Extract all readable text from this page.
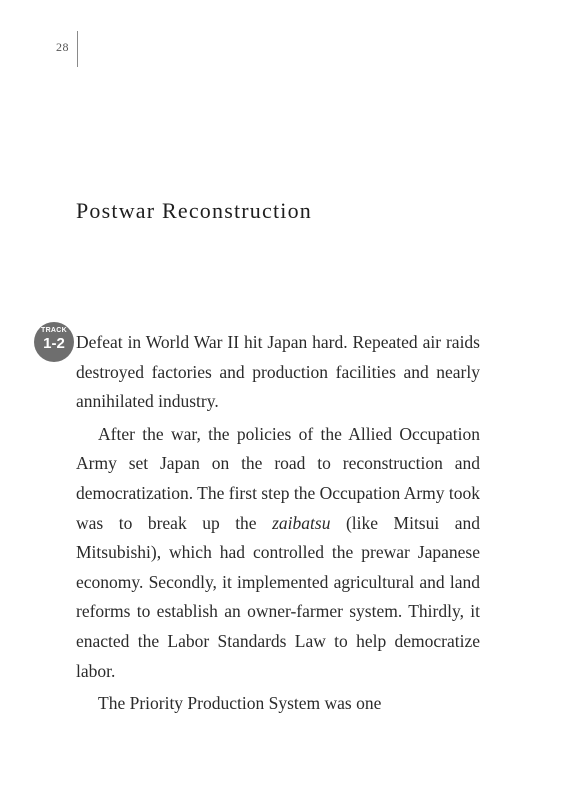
28
Postwar Reconstruction
TRACK
1-2 Defeat in World War II hit Japan hard. Repeated air raids destroyed factories and production facilities and nearly annihilated industry.

After the war, the policies of the Allied Occupation Army set Japan on the road to reconstruction and democratization. The first step the Occupation Army took was to break up the zaibatsu (like Mitsui and Mitsubishi), which had controlled the prewar Japanese economy. Secondly, it implemented agricultural and land reforms to establish an owner-farmer system. Thirdly, it enacted the Labor Standards Law to help democratize labor.

The Priority Production System was one
